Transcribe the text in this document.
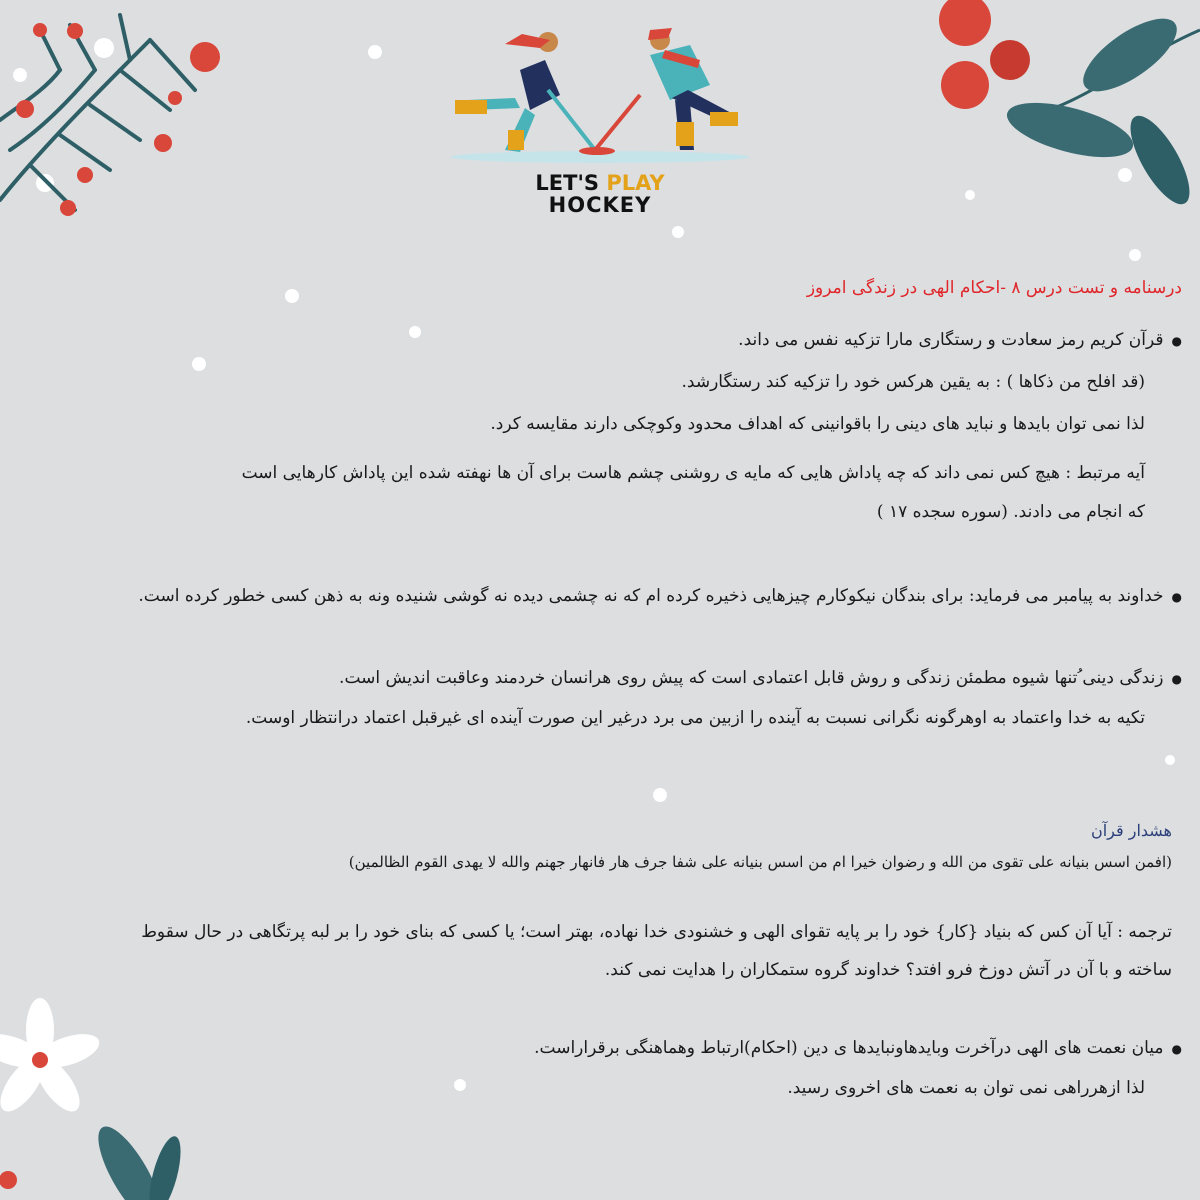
LET'S PLAY
HOCKEY
درسنامه و تست درس ۸ -احکام الهی در زندگی امروز
● قرآن کریم رمز سعادت و رستگاری مارا تزکیه نفس می داند.
(قد افلح من ذکاها ) : به یقین هرکس خود را تزکیه کند رستگارشد.
لذا نمی توان بایدها و نباید های دینی را باقوانینی که اهداف محدود وکوچکی دارند مقایسه کرد.
آیه مرتبط : هیچ کس نمی داند که چه پاداش هایی که مایه ی روشنی چشم هاست برای آن ها نهفته شده این پاداش کارهایی است
که انجام می دادند. (سوره سجده ۱۷ )
● خداوند به پیامبر می فرماید: برای بندگان نیکوکارم چیزهایی ذخیره کرده ام که نه چشمی دیده نه گوشی شنیده ونه به ذهن کسی خطور کرده است.
● زندگی دینی ُتنها شیوه مطمئن زندگی و روش قابل اعتمادی است که پیش روی هرانسان خردمند وعاقبت اندیش است.
تکیه به خدا واعتماد به اوهرگونه نگرانی نسبت به آینده را ازبین می برد درغیر این صورت آینده ای غیرقبل اعتماد درانتظار اوست.
هشدار قرآن
(افمن اسس بنیانه علی تقوی من الله و رضوان خیرا ام من اسس بنیانه علی شفا جرف هار فانهار جهنم والله لا یهدی القوم الظالمین)
ترجمه : آیا آن کس که بنیاد {کار} خود را بر پایه تقوای الهی و خشنودی خدا نهاده، بهتر است؛ یا کسی که بنای خود را بر لبه پرتگاهی در حال سقوط
ساخته و با آن در آتش دوزخ فرو افتد؟ خداوند گروه ستمکاران را هدایت نمی کند.
● میان نعمت های الهی درآخرت وبایدهاونبایدها ی دین (احکام)ارتباط وهماهنگی برقراراست.
لذا ازهرراهی نمی توان به نعمت های اخروی رسید.
